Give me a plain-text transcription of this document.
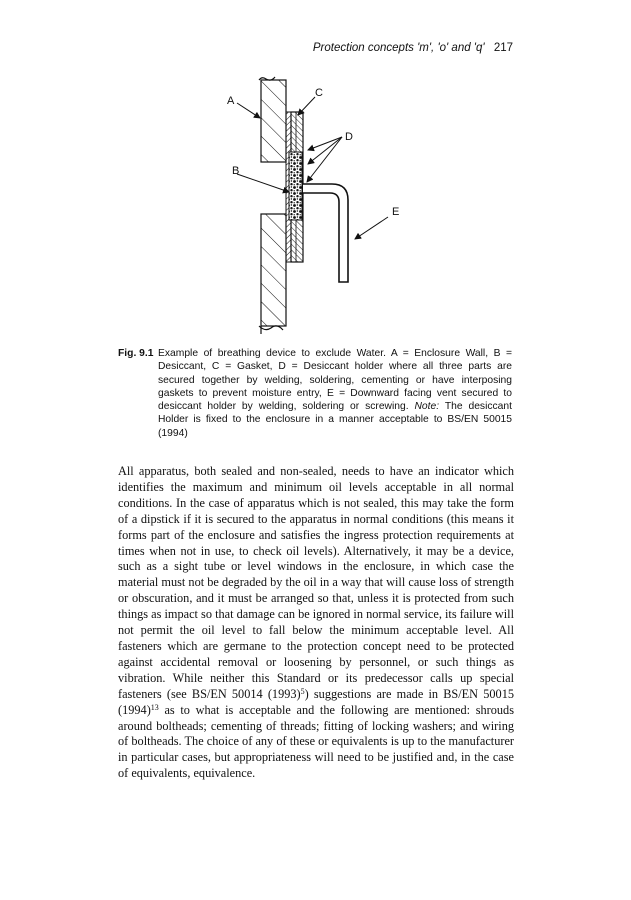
Protection concepts 'm', 'o' and 'q' 217
A
C
D
B
E
Fig. 9.1 Example of breathing device to exclude Water. A = Enclosure Wall, B = Desiccant, C = Gasket, D = Desiccant holder where all three parts are secured together by welding, soldering, cementing or have interposing gaskets to prevent moisture entry, E = Downward facing vent secured to desiccant holder by welding, soldering or screwing. Note: The desiccant Holder is fixed to the enclosure in a manner acceptable to BS/EN 50015 (1994)

All apparatus, both sealed and non-sealed, needs to have an indicator which identifies the maximum and minimum oil levels acceptable in all normal conditions. In the case of apparatus which is not sealed, this may take the form of a dipstick if it is secured to the apparatus in normal conditions (this means it forms part of the enclosure and satisfies the ingress protection requirements at times when not in use, to check oil levels). Alternatively, it may be a device, such as a sight tube or level windows in the enclosure, in which case the material must not be degraded by the oil in a way that will cause loss of strength or obscuration, and it must be arranged so that, unless it is protected from such things as impact so that damage can be ignored in normal service, its failure will not permit the oil level to fall below the minimum acceptable level. All fasteners which are germane to the protection concept need to be protected against accidental removal or loosening by personnel, or such things as vibration. While neither this Standard or its predecessor calls up special fasteners (see BS/EN 50014 $(1993)^5$) suggestions are made in BS/EN 50015 $(1994)^{13}$ as to what is acceptable and the following are mentioned: shrouds around boltheads; cementing of threads; fitting of locking washers; and wiring of boltheads. The choice of any of these or equivalents is up to the manufacturer in particular cases, but appropriateness will need to be justified and, in the case of equivalents, equivalence.
